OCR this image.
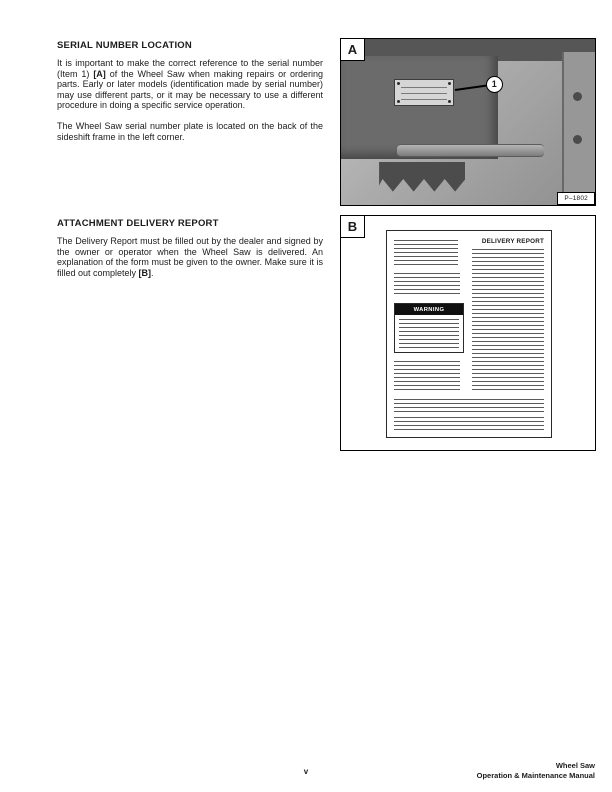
SERIAL NUMBER LOCATION

It is important to make the correct reference to the serial number (Item 1) [A] of the Wheel Saw when making repairs or ordering parts. Early or later models (identification made by serial number) may use different parts, or it may be necessary to use a different procedure in doing a specific service operation.

The Wheel Saw serial number plate is located on the back of the sideshift frame in the left corner.

ATTACHMENT DELIVERY REPORT

The Delivery Report must be filled out by the dealer and signed by the owner or operator when the Wheel Saw is delivered. An explanation of the form must be given to the owner. Make sure it is filled out completely [B].

A
1
P–1802
B
DELIVERY REPORT
WARNING
v
Wheel Saw
Operation & Maintenance Manual
